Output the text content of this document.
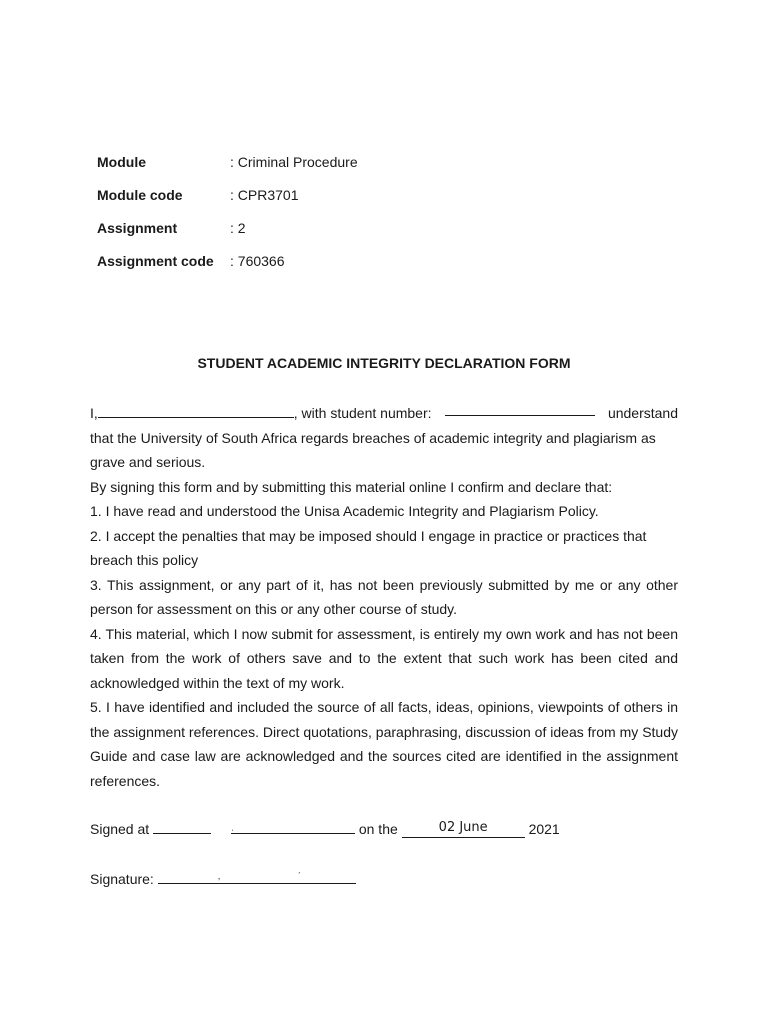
Module	: Criminal Procedure
Module code	: CPR3701
Assignment	: 2
Assignment code	: 760366
STUDENT ACADEMIC INTEGRITY DECLARATION FORM
I,	, with student number:	understand

that the University of South Africa regards breaches of academic integrity and plagiarism as grave and serious.

By signing this form and by submitting this material online I confirm and declare that:

1. I have read and understood the Unisa Academic Integrity and Plagiarism Policy.

2. I accept the penalties that may be imposed should I engage in practice or practices that breach this policy

3. This assignment, or any part of it, has not been previously submitted by me or any other person for assessment on this or any other course of study.

4. This material, which I now submit for assessment, is entirely my own work and has not been taken from the work of others save and to the extent that such work has been cited and acknowledged within the text of my work.

5. I have identified and included the source of all facts, ideas, opinions, viewpoints of others in the assignment references. Direct quotations, paraphrasing, discussion of ideas from my Study Guide and case law are acknowledged and the sources cited are identified in the assignment references.

Signed at	ˌ	on the	02 June	2021
Signature:	,	ˊ
